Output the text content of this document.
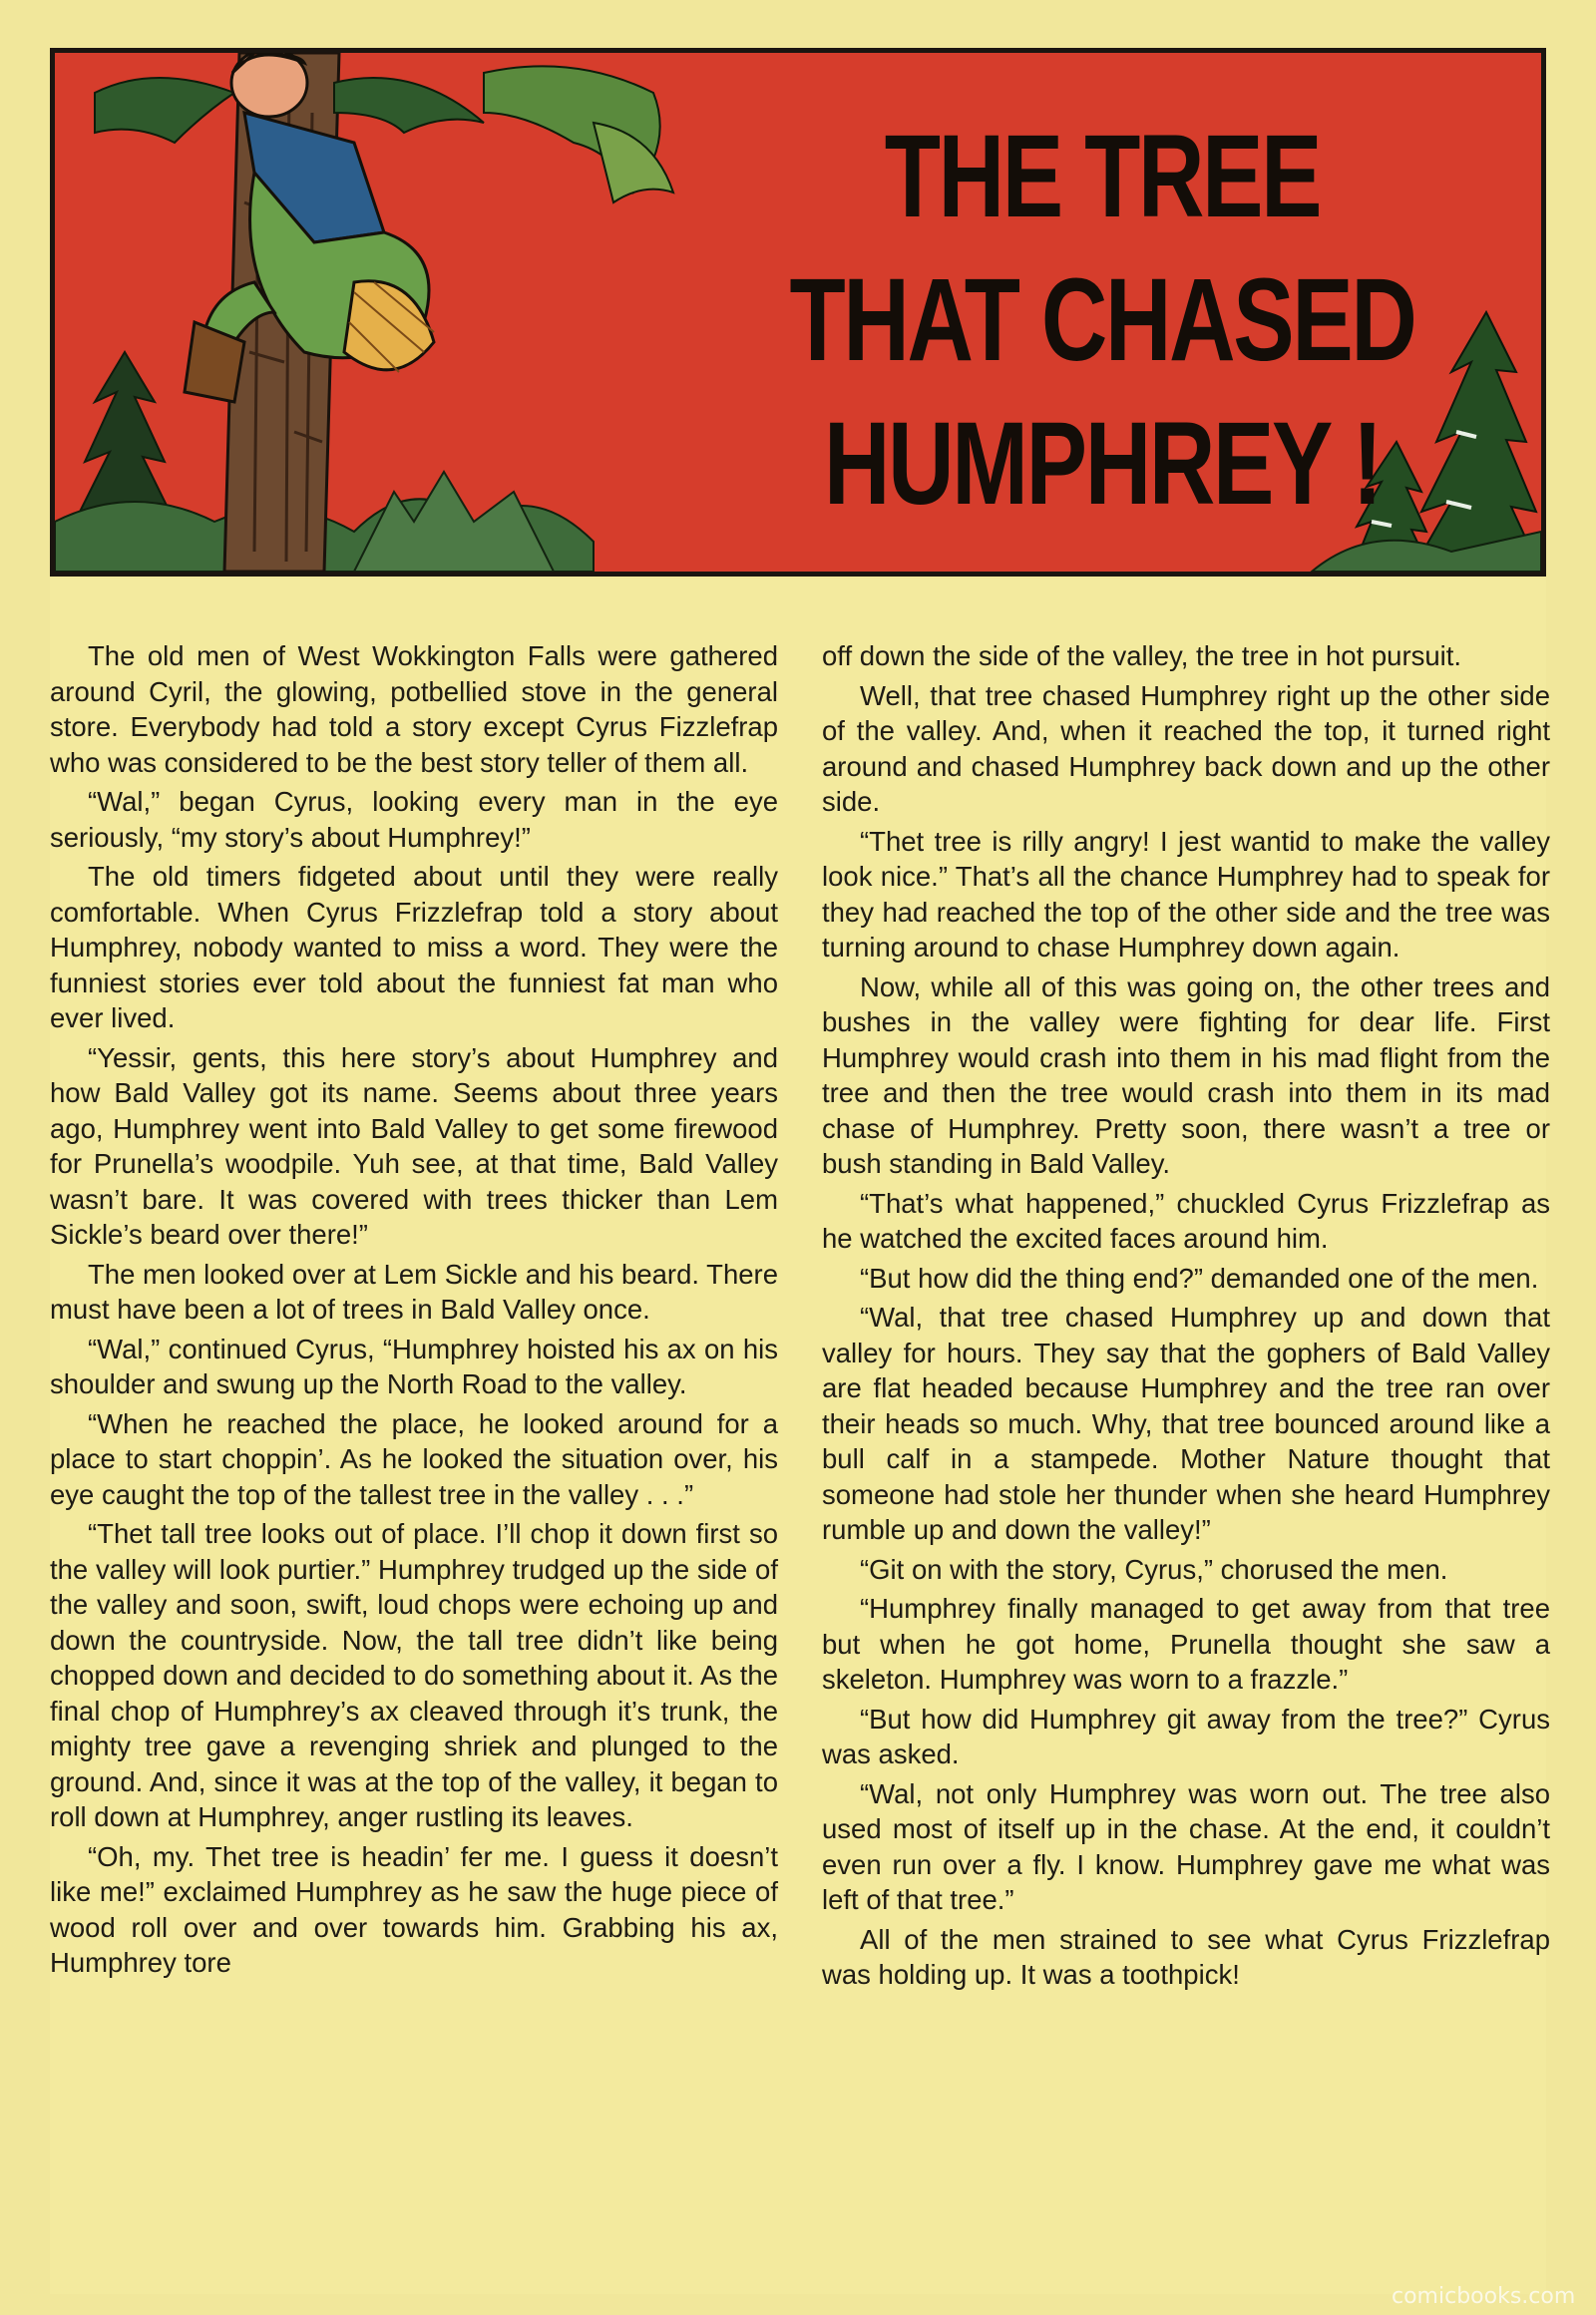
THE TREE
THAT CHASED
HUMPHREY !

The old men of West Wokkington Falls were gathered around Cyril, the glowing, potbellied stove in the general store. Everybody had told a story except Cyrus Fizzlefrap who was considered to be the best story teller of them all.

“Wal,” began Cyrus, looking every man in the eye seriously, “my story’s about Humphrey!”

The old timers fidgeted about until they were really comfortable. When Cyrus Frizzlefrap told a story about Humphrey, nobody wanted to miss a word. They were the funniest stories ever told about the funniest fat man who ever lived.

“Yessir, gents, this here story’s about Humphrey and how Bald Valley got its name. Seems about three years ago, Humphrey went into Bald Valley to get some firewood for Prunella’s woodpile. Yuh see, at that time, Bald Valley wasn’t bare. It was covered with trees thicker than Lem Sickle’s beard over there!”

The men looked over at Lem Sickle and his beard. There must have been a lot of trees in Bald Valley once.

“Wal,” continued Cyrus, “Humphrey hoisted his ax on his shoulder and swung up the North Road to the valley.

“When he reached the place, he looked around for a place to start choppin’. As he looked the situation over, his eye caught the top of the tallest tree in the valley . . .”

“Thet tall tree looks out of place. I’ll chop it down first so the valley will look purtier.” Humphrey trudged up the side of the valley and soon, swift, loud chops were echoing up and down the countryside. Now, the tall tree didn’t like being chopped down and decided to do something about it. As the final chop of Humphrey’s ax cleaved through it’s trunk, the mighty tree gave a revenging shriek and plunged to the ground. And, since it was at the top of the valley, it began to roll down at Humphrey, anger rustling its leaves.

“Oh, my. Thet tree is headin’ fer me. I guess it doesn’t like me!” exclaimed Humphrey as he saw the huge piece of wood roll over and over towards him. Grabbing his ax, Humphrey tore

off down the side of the valley, the tree in hot pursuit.

Well, that tree chased Humphrey right up the other side of the valley. And, when it reached the top, it turned right around and chased Humphrey back down and up the other side.

“Thet tree is rilly angry! I jest wantid to make the valley look nice.” That’s all the chance Humphrey had to speak for they had reached the top of the other side and the tree was turning around to chase Humphrey down again.

Now, while all of this was going on, the other trees and bushes in the valley were fighting for dear life. First Humphrey would crash into them in his mad flight from the tree and then the tree would crash into them in its mad chase of Humphrey. Pretty soon, there wasn’t a tree or bush standing in Bald Valley.

“That’s what happened,” chuckled Cyrus Frizzlefrap as he watched the excited faces around him.

“But how did the thing end?” demanded one of the men.

“Wal, that tree chased Humphrey up and down that valley for hours. They say that the gophers of Bald Valley are flat headed because Humphrey and the tree ran over their heads so much. Why, that tree bounced around like a bull calf in a stampede. Mother Nature thought that someone had stole her thunder when she heard Humphrey rumble up and down the valley!”

“Git on with the story, Cyrus,” chorused the men.

“Humphrey finally managed to get away from that tree but when he got home, Prunella thought she saw a skeleton. Humphrey was worn to a frazzle.”

“But how did Humphrey git away from the tree?” Cyrus was asked.

“Wal, not only Humphrey was worn out. The tree also used most of itself up in the chase. At the end, it couldn’t even run over a fly. I know. Humphrey gave me what was left of that tree.”

All of the men strained to see what Cyrus Frizzlefrap was holding up. It was a toothpick!

comicbooks.com
